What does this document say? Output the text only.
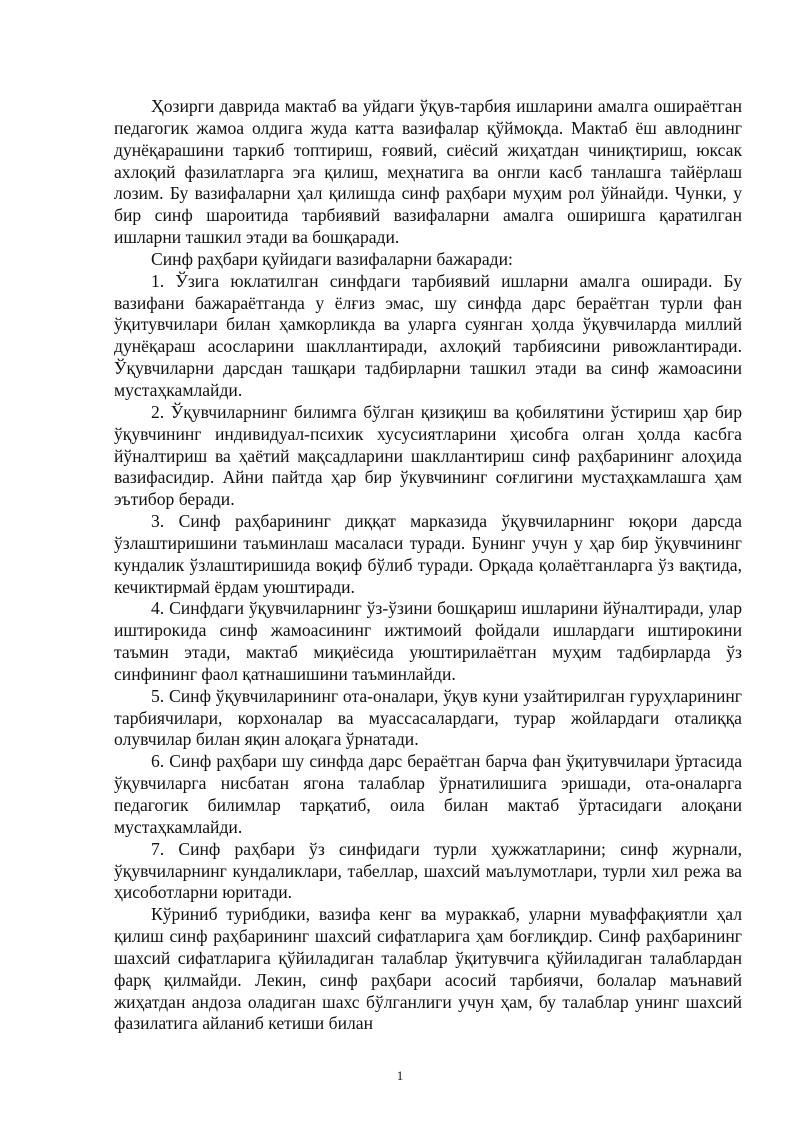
Ҳозирги даврида мактаб ва уйдаги ўқув-тарбия ишларини амалга ошираётган педагогик жамоа олдига жуда катта вазифалар қўймоқда. Мактаб ёш авлоднинг дунёқарашини таркиб топтириш, ғоявий, сиёсий жиҳатдан чиниқтириш, юксак ахлоқий фазилатларга эга қилиш, меҳнатига ва онгли касб танлашга тайёрлаш лозим. Бу вазифаларни ҳал қилишда синф раҳбари муҳим рол ўйнайди. Чунки, у бир синф шароитида тарбиявий вазифаларни амалга оширишга қаратилган ишларни ташкил этади ва бошқаради.

Синф раҳбари қуйидаги вазифаларни бажаради:

1. Ўзига юклатилган синфдаги тарбиявий ишларни амалга оширади. Бу вазифани бажараётганда у ёлғиз эмас, шу синфда дарс бераётган турли фан ўқитувчилари билан ҳамкорликда ва уларга суянган ҳолда ўқувчиларда миллий дунёқараш асосларини шакллантиради, ахлоқий тарбиясини ривожлантиради. Ўқувчиларни дарсдан ташқари тадбирларни ташкил этади ва синф жамоасини мустаҳкамлайди.

2. Ўқувчиларнинг билимга бўлган қизиқиш ва қобилятини ўстириш ҳар бир ўқувчининг индивидуал-психик хусусиятларини ҳисобга олган ҳолда касбга йўналтириш ва ҳаётий мақсадларини шакллантириш синф раҳбарининг алоҳида вазифасидир. Айни пайтда ҳар бир ўкувчининг соғлигини мустаҳкамлашга ҳам эътибор беради.

3. Синф раҳбарининг диққат марказида ўқувчиларнинг юқори дарсда ўзлаштиришини таъминлаш масаласи туради. Бунинг учун у ҳар бир ўқувчининг кундалик ўзлаштиришида воқиф бўлиб туради. Орқада қолаётганларга ўз вақтида, кечиктирмай ёрдам уюштиради.

4. Синфдаги ўқувчиларнинг ўз-ўзини бошқариш ишларини йўналтиради, улар иштирокида синф жамоасининг ижтимоий фойдали ишлардаги иштирокини таъмин этади, мактаб миқиёсида уюштирилаётган муҳим тадбирларда ўз синфининг фаол қатнашишини таъминлайди.

5. Синф ўқувчиларининг ота-оналари, ўқув куни узайтирилган гуруҳларининг тарбиячилари, корхоналар ва муассасалардаги, турар жойлардаги оталиққа олувчилар билан яқин алоқага ўрнатади.

6. Синф раҳбари шу синфда дарс бераётган барча фан ўқитувчилари ўртасида ўқувчиларга нисбатан ягона талаблар ўрнатилишига эришади, ота-оналарга педагогик билимлар тарқатиб, оила билан мактаб ўртасидаги алоқани мустаҳкамлайди.

7. Синф раҳбари ўз синфидаги турли ҳужжатларини; синф журнали, ўқувчиларнинг кундаликлари, табеллар, шахсий маълумотлари, турли хил режа ва ҳисоботларни юритади.

Кўриниб турибдики, вазифа кенг ва мураккаб, уларни муваффақиятли ҳал қилиш синф раҳбарининг шахсий сифатларига ҳам боғлиқдир. Синф раҳбарининг шахсий сифатларига қўйиладиган талаблар ўқитувчига қўйиладиган талаблардан фарқ қилмайди. Лекин, синф раҳбари асосий тарбиячи, болалар маънавий жиҳатдан андоза оладиган шахс бўлганлиги учун ҳам, бу талаблар унинг шахсий фазилатига айланиб кетиши билан

1
